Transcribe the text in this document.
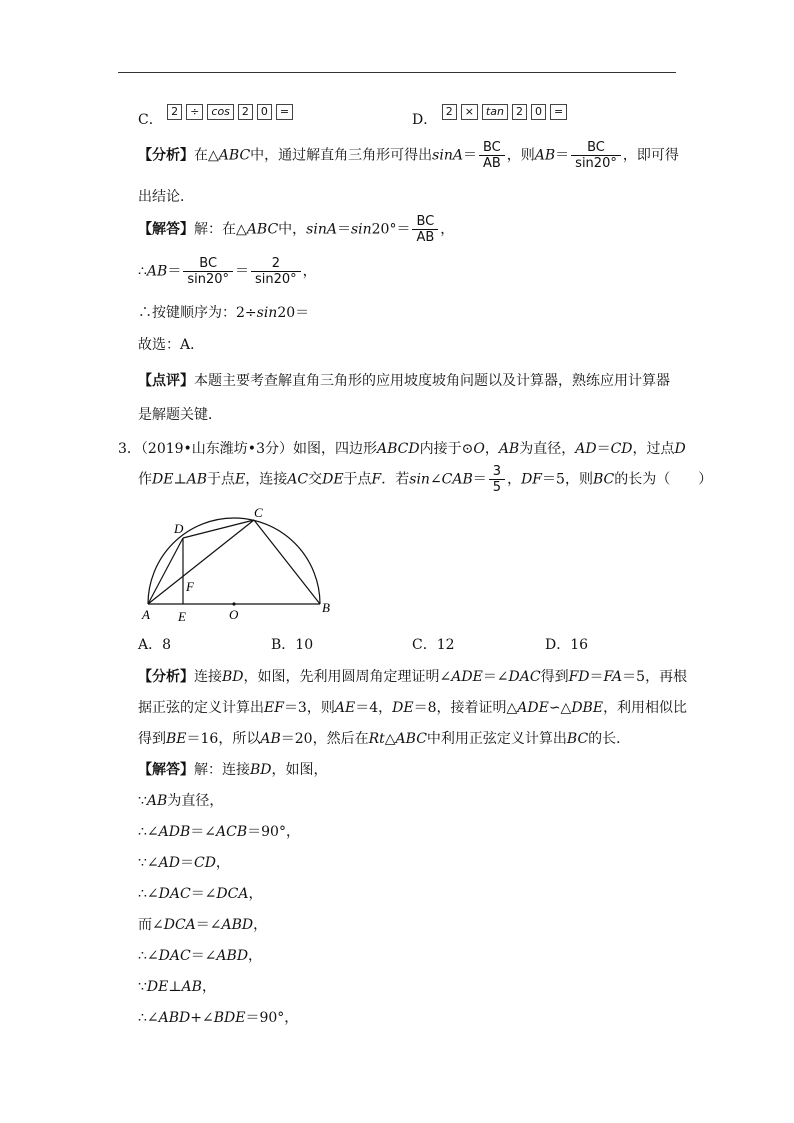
C． 2 ÷ cos 2 0 =
D． 2 × tan 2 0 =
【分析】在△ABC中，通过解直角三角形可得出$\sin A= \frac{BC}{AB}$ ，则$AB= \frac{BC}{\sin 20^\circ}$ ，即可得
出结论．
【解答】解：在△ABC中，$\sin A=\sin 20^\circ= \frac{BC}{AB}$ ，
∴AB＝ $\frac{BC}{\sin 20^\circ} = \frac{2}{\sin 20^\circ}$ ，
∴按键顺序为：2÷sin20＝
故选：A．
【点评】本题主要考查解直角三角形的应用坡度坡角问题以及计算器，熟练应用计算器
是解题关键．
3．（2019•山东潍坊•3分）如图，四边形ABCD内接于⊙O，AB为直径，AD＝CD，过点D
作DE⊥AB于点E，连接AC交DE于点F．若sin∠CAB＝ $\frac{3}{5}$ ，DF＝5，则BC的长为（　　）
D
C
F
A E	O	B
A．8	B．10	C．12	D．16
【分析】连接BD，如图，先利用圆周角定理证明∠ADE＝∠DAC得到FD＝FA＝5，再根
据正弦的定义计算出EF＝3，则AE＝4，DE＝8，接着证明△ADE∽△DBE，利用相似比
得到BE＝16，所以AB＝20，然后在Rt△ABC中利用正弦定义计算出BC的长．
【解答】解：连接BD，如图，
∵AB为直径，
∴∠ADB＝∠ACB＝90°，
∵∠AD＝CD，
∴∠DAC＝∠DCA，
而∠DCA＝∠ABD，
∴∠DAC＝∠ABD，
∵DE⊥AB，
∴∠ABD+∠BDE＝90°，
